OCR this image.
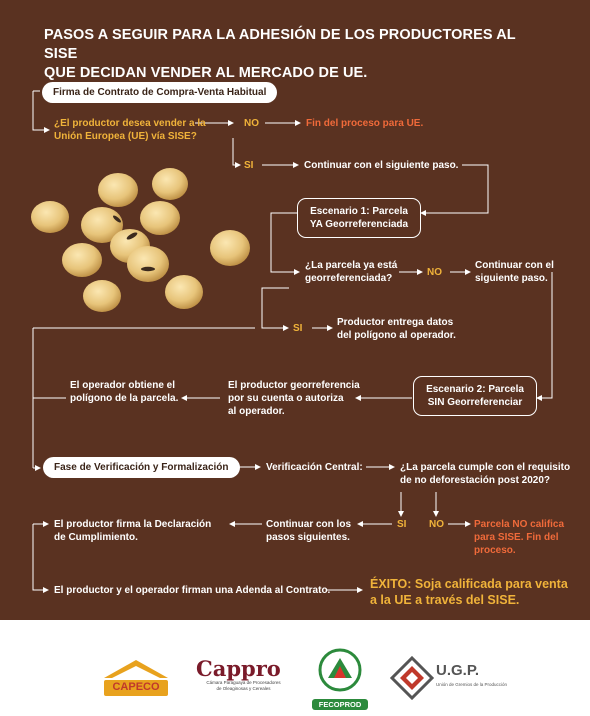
PASOS A SEGUIR PARA LA ADHESIÓN DE LOS PRODUCTORES AL SISE
QUE DECIDAN VENDER AL MERCADO DE UE.
Firma de Contrato de Compra-Venta Habitual
¿El productor desea vender a la
Unión Europea (UE) vía SISE?
NO	Fin del proceso para UE.
SI	Continuar con el siguiente paso.
Escenario 1: Parcela
YA Georreferenciada
¿La parcela ya está
georreferenciada?
NO
Continuar con el
siguiente paso.
SI
Productor entrega datos
del polígono al operador.
Escenario 2: Parcela
SIN Georreferenciar
El productor georreferencia
por su cuenta o autoriza
al operador.
El operador obtiene el
polígono de la parcela.
Fase de Verificación y Formalización	Verificación Central:	¿La parcela cumple con el requisito
de no deforestación post 2020?
SI NO	Parcela NO califica
para SISE. Fin del
proceso.
Continuar con los
pasos siguientes.
El productor firma la Declaración
de Cumplimiento.
El productor y el operador firman una Adenda al Contrato.	ÉXITO: Soja calificada para venta
a la UE a través del SISE.
CAPECO
Cappro
Cámara Paraguaya de Procesadores
de Oleaginosas y Cereales
FECOPROD
U.G.P.
Unión de Gremios de la Producción
